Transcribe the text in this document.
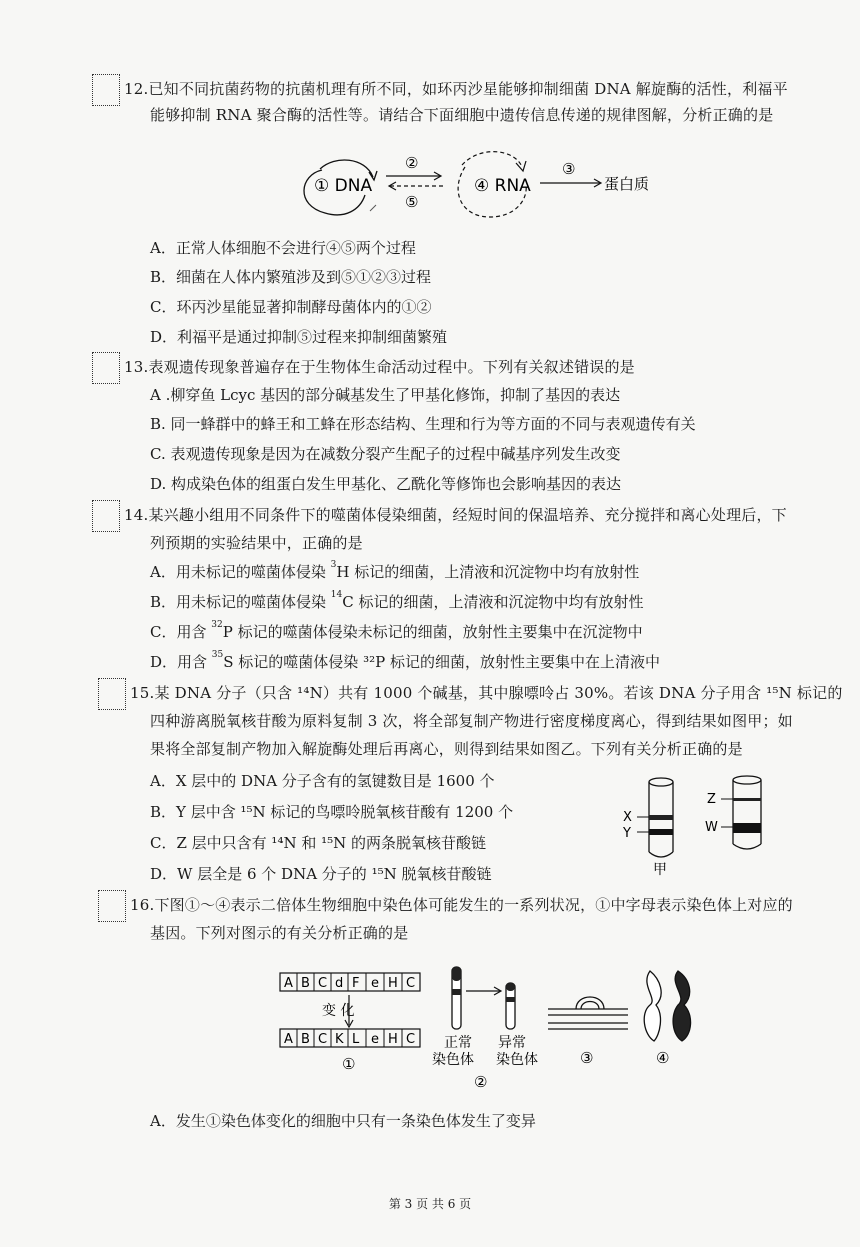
12.已知不同抗菌药物的抗菌机理有所不同，如环丙沙星能够抑制细菌 DNA 解旋酶的活性，利福平
能够抑制 RNA 聚合酶的活性等。请结合下面细胞中遗传信息传递的规律图解，分析正确的是
① DNA
②
⑤
④ RNA
③
蛋白质
A．正常人体细胞不会进行④⑤两个过程
B．细菌在人体内繁殖涉及到⑤①②③过程
C．环丙沙星能显著抑制酵母菌体内的①②
D．利福平是通过抑制⑤过程来抑制细菌繁殖
13.表观遗传现象普遍存在于生物体生命活动过程中。下列有关叙述错误的是
A .柳穿鱼 Lcyc 基因的部分碱基发生了甲基化修饰，抑制了基因的表达
B. 同一蜂群中的蜂王和工蜂在形态结构、生理和行为等方面的不同与表观遗传有关
C. 表观遗传现象是因为在减数分裂产生配子的过程中碱基序列发生改变
D. 构成染色体的组蛋白发生甲基化、乙酰化等修饰也会影响基因的表达
14.某兴趣小组用不同条件下的噬菌体侵染细菌，经短时间的保温培养、充分搅拌和离心处理后，下
列预期的实验结果中，正确的是
A．用未标记的噬菌体侵染 $^3$H 标记的细菌，上清液和沉淀物中均有放射性
B．用未标记的噬菌体侵染 $^{14}$C 标记的细菌，上清液和沉淀物中均有放射性
C．用含 $^{32}$P 标记的噬菌体侵染未标记的细菌，放射性主要集中在沉淀物中
D．用含 $^{35}$S 标记的噬菌体侵染 ³²P 标记的细菌，放射性主要集中在上清液中
15.某 DNA 分子（只含 ¹⁴N）共有 1000 个碱基，其中腺嘌呤占 30%。若该 DNA 分子用含 ¹⁵N 标记的
四种游离脱氧核苷酸为原料复制 3 次，将全部复制产物进行密度梯度离心，得到结果如图甲；如
果将全部复制产物加入解旋酶处理后再离心，则得到结果如图乙。下列有关分析正确的是
A．X 层中的 DNA 分子含有的氢键数目是 1600 个
B．Y 层中含 ¹⁵N 标记的鸟嘌呤脱氧核苷酸有 1200 个
C．Z 层中只含有 ¹⁴N 和 ¹⁵N 的两条脱氧核苷酸链
D．W 层全是 6 个 DNA 分子的 ¹⁵N 脱氧核苷酸链
X
Y
甲
Z
W
16.下图①～④表示二倍体生物细胞中染色体可能发生的一系列状况，①中字母表示染色体上对应的
基因。下列对图示的有关分析正确的是
A B C d F e H C
变 化
A B C K L e H C
①
正常 异常
染色体 染色体
②
③	④
A．发生①染色体变化的细胞中只有一条染色体发生了变异
第 3 页 共 6 页
